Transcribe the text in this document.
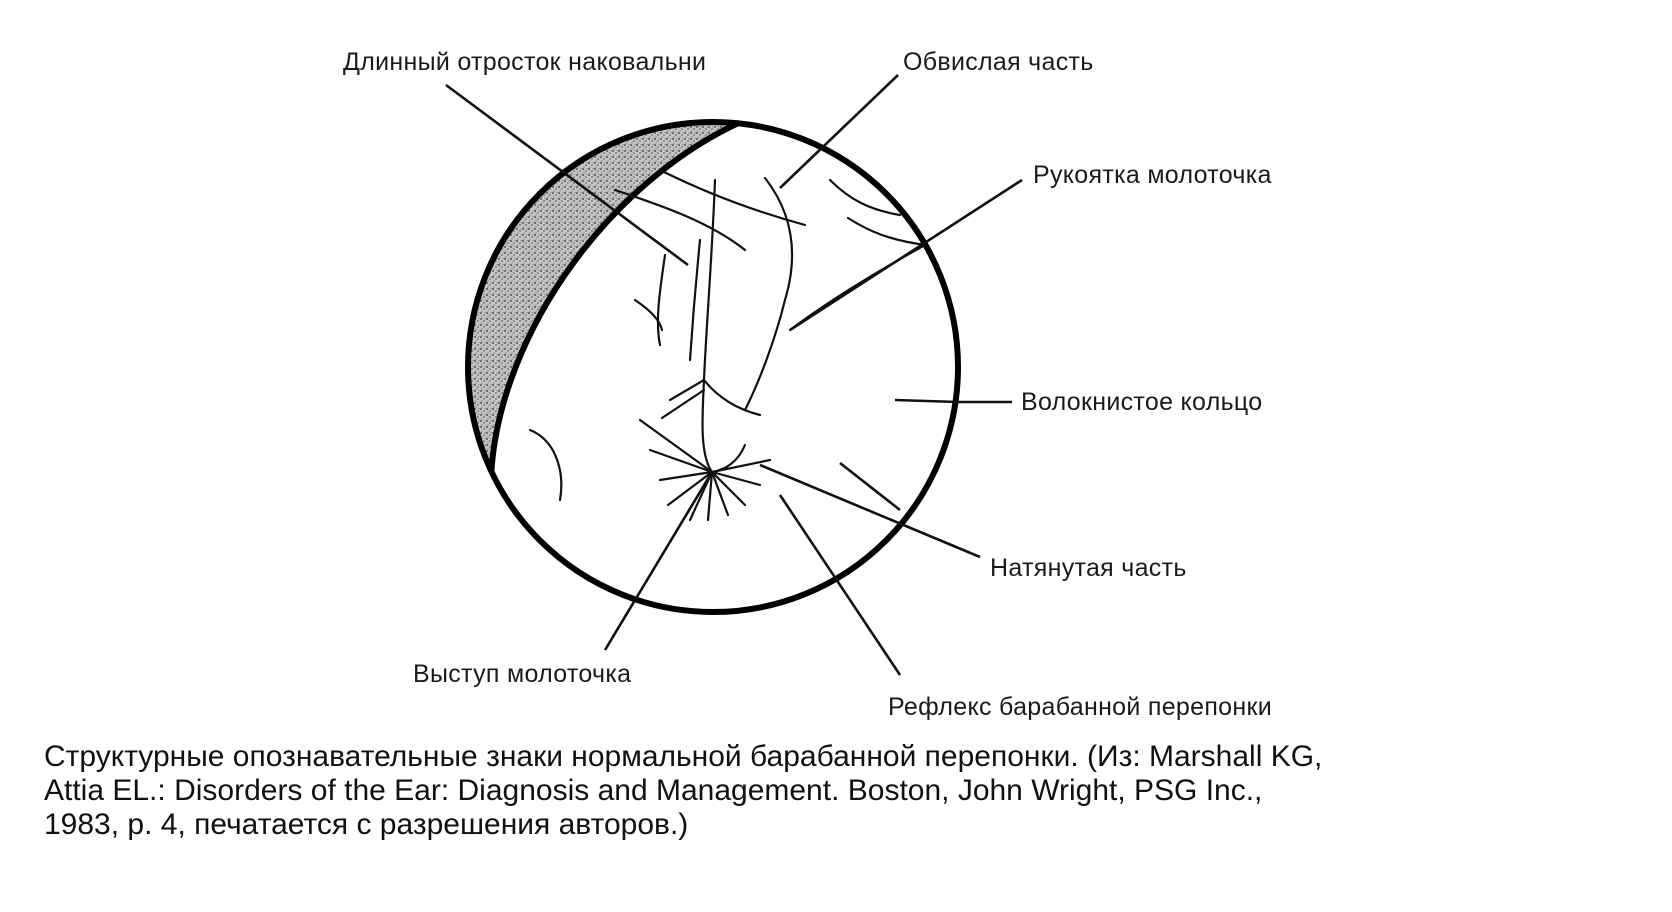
Длинный отросток наковальни	Обвислая часть
Рукоятка молоточка
Волокнистое кольцо
Натянутая часть
Выступ молоточка
Рефлекс барабанной перепонки

Структурные опознавательные знаки нормальной барабанной перепонки. (Из: Marshall KG,
Attia EL.: Disorders of the Ear: Diagnosis and Management. Boston, John Wright, PSG Inc.,
1983, p. 4, печатается с разрешения авторов.)
